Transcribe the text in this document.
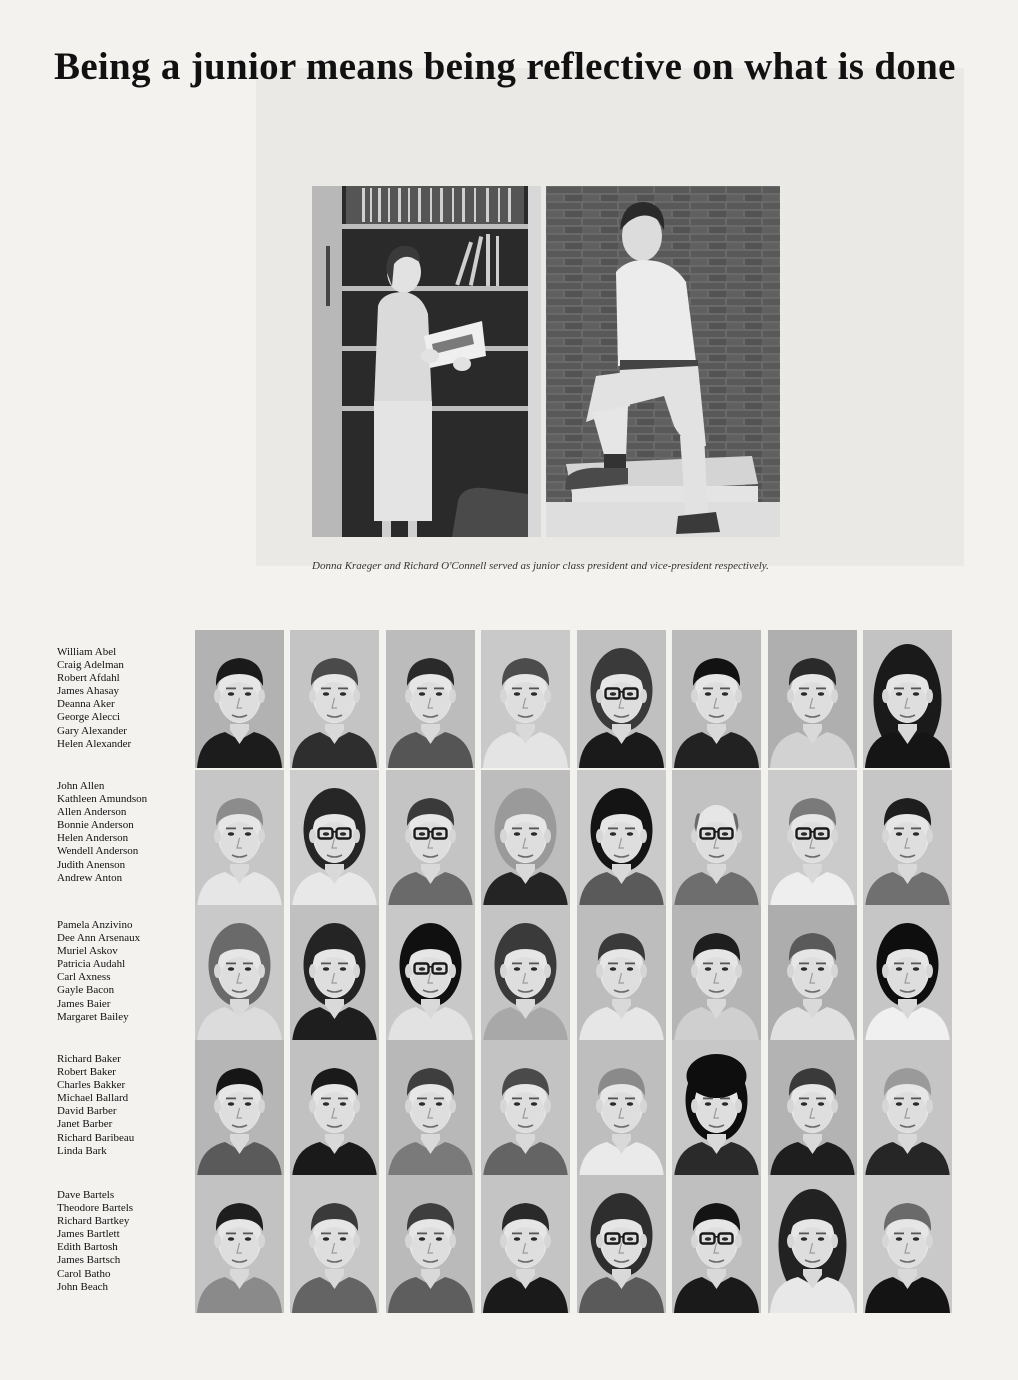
Being a junior means being reflective on what is done

Donna Kraeger and Richard O'Connell served as junior class president and vice-president respectively.

William Abel
Craig Adelman
Robert Afdahl
James Ahasay
Deanna Aker
George Alecci
Gary Alexander
Helen Alexander
John Allen
Kathleen Amundson
Allen Anderson
Bonnie Anderson
Helen Anderson
Wendell Anderson
Judith Anenson
Andrew Anton
Pamela Anzivino
Dee Ann Arsenaux
Muriel Askov
Patricia Audahl
Carl Axness
Gayle Bacon
James Baier
Margaret Bailey
Richard Baker
Robert Baker
Charles Bakker
Michael Ballard
David Barber
Janet Barber
Richard Baribeau
Linda Bark
Dave Bartels
Theodore Bartels
Richard Bartkey
James Bartlett
Edith Bartosh
James Bartsch
Carol Batho
John Beach
